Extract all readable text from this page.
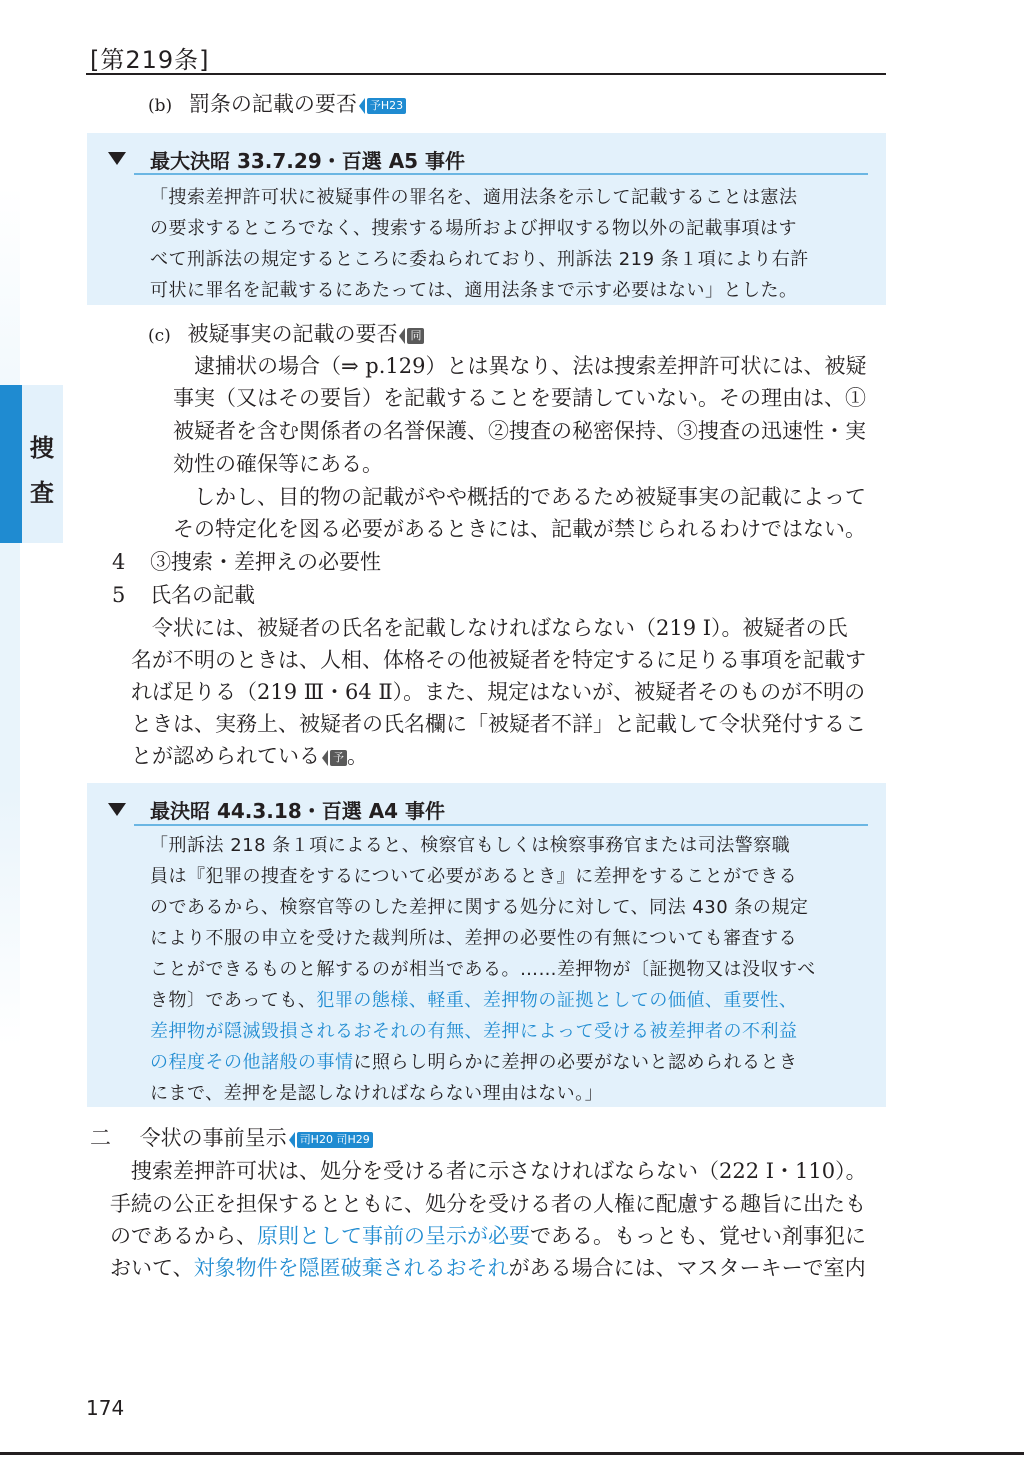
[第219条]
捜
査
(b) 罰条の記載の要否 予H23
最大決昭 33.7.29・百選 A5 事件
「捜索差押許可状に被疑事件の罪名を、適用法条を示して記載することは憲法
の要求するところでなく、捜索する場所および押収する物以外の記載事項はす
べて刑訴法の規定するところに委ねられており、刑訴法 219 条１項により右許
可状に罪名を記載するにあたっては、適用法条まで示す必要はない」とした。
(c) 被疑事実の記載の要否 同
逮捕状の場合（⇒ p.129）とは異なり、法は捜索差押許可状には、被疑
事実（又はその要旨）を記載することを要請していない。その理由は、①
被疑者を含む関係者の名誉保護、②捜査の秘密保持、③捜査の迅速性・実
効性の確保等にある。
しかし、目的物の記載がやや概括的であるため被疑事実の記載によって
その特定化を図る必要があるときには、記載が禁じられるわけではない。
4 ③捜索・差押えの必要性
5 氏名の記載
令状には、被疑者の氏名を記載しなければならない（219 Ⅰ）。被疑者の氏
名が不明のときは、人相、体格その他被疑者を特定するに足りる事項を記載す
れば足りる（219 Ⅲ・64 Ⅱ）。また、規定はないが、被疑者そのものが不明の
ときは、実務上、被疑者の氏名欄に「被疑者不詳」と記載して令状発付するこ
とが認められている 予 。
最決昭 44.3.18・百選 A4 事件
「刑訴法 218 条１項によると、検察官もしくは検察事務官または司法警察職
員は『犯罪の捜査をするについて必要があるとき』に差押をすることができる
のであるから、検察官等のした差押に関する処分に対して、同法 430 条の規定
により不服の申立を受けた裁判所は、差押の必要性の有無についても審査する
ことができるものと解するのが相当である。……差押物が〔証拠物又は没収すべ
き物〕であっても、犯罪の態様、軽重、差押物の証拠としての価値、重要性、
差押物が隠滅毀損されるおそれの有無、差押によって受ける被差押者の不利益
の程度その他諸般の事情に照らし明らかに差押の必要がないと認められるとき
にまで、差押を是認しなければならない理由はない。」
二 令状の事前呈示 司H20 司H29
捜索差押許可状は、処分を受ける者に示さなければならない（222 Ⅰ・110）。
手続の公正を担保するとともに、処分を受ける者の人権に配慮する趣旨に出たも
のであるから、原則として事前の呈示が必要である。もっとも、覚せい剤事犯に
おいて、対象物件を隠匿破棄されるおそれがある場合には、マスターキーで室内
174
